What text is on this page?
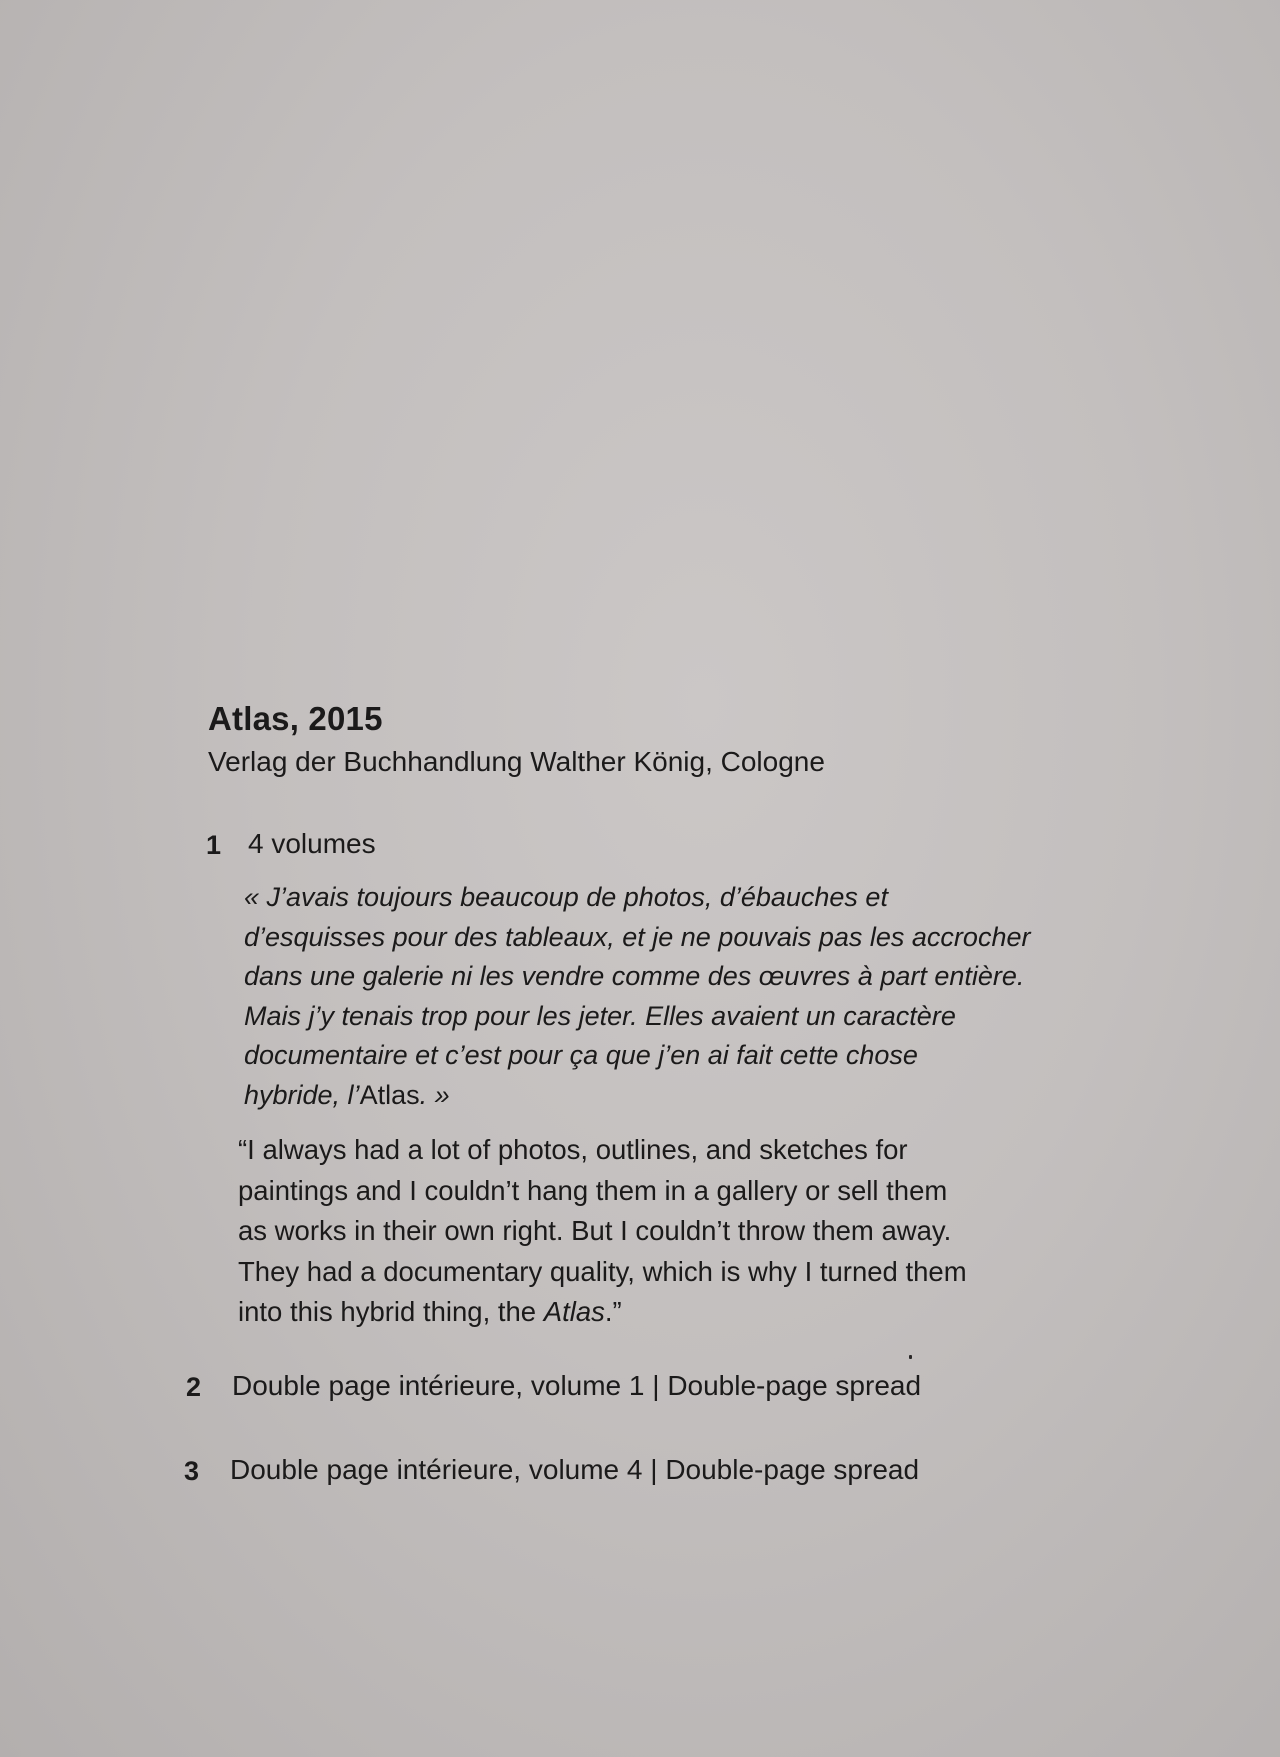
Atlas, 2015
Verlag der Buchhandlung Walther König, Cologne
1 4 volumes
« J’avais toujours beaucoup de photos, d’ébauches et
d’esquisses pour des tableaux, et je ne pouvais pas les accrocher
dans une galerie ni les vendre comme des œuvres à part entière.
Mais j’y tenais trop pour les jeter. Elles avaient un caractère
documentaire et c’est pour ça que j’en ai fait cette chose
hybride, l’Atlas. »
“I always had a lot of photos, outlines, and sketches for
paintings and I couldn’t hang them in a gallery or sell them
as works in their own right. But I couldn’t throw them away.
They had a documentary quality, which is why I turned them
into this hybrid thing, the Atlas.”
2 Double page intérieure, volume 1 | Double-page spread
3 Double page intérieure, volume 4 | Double-page spread
